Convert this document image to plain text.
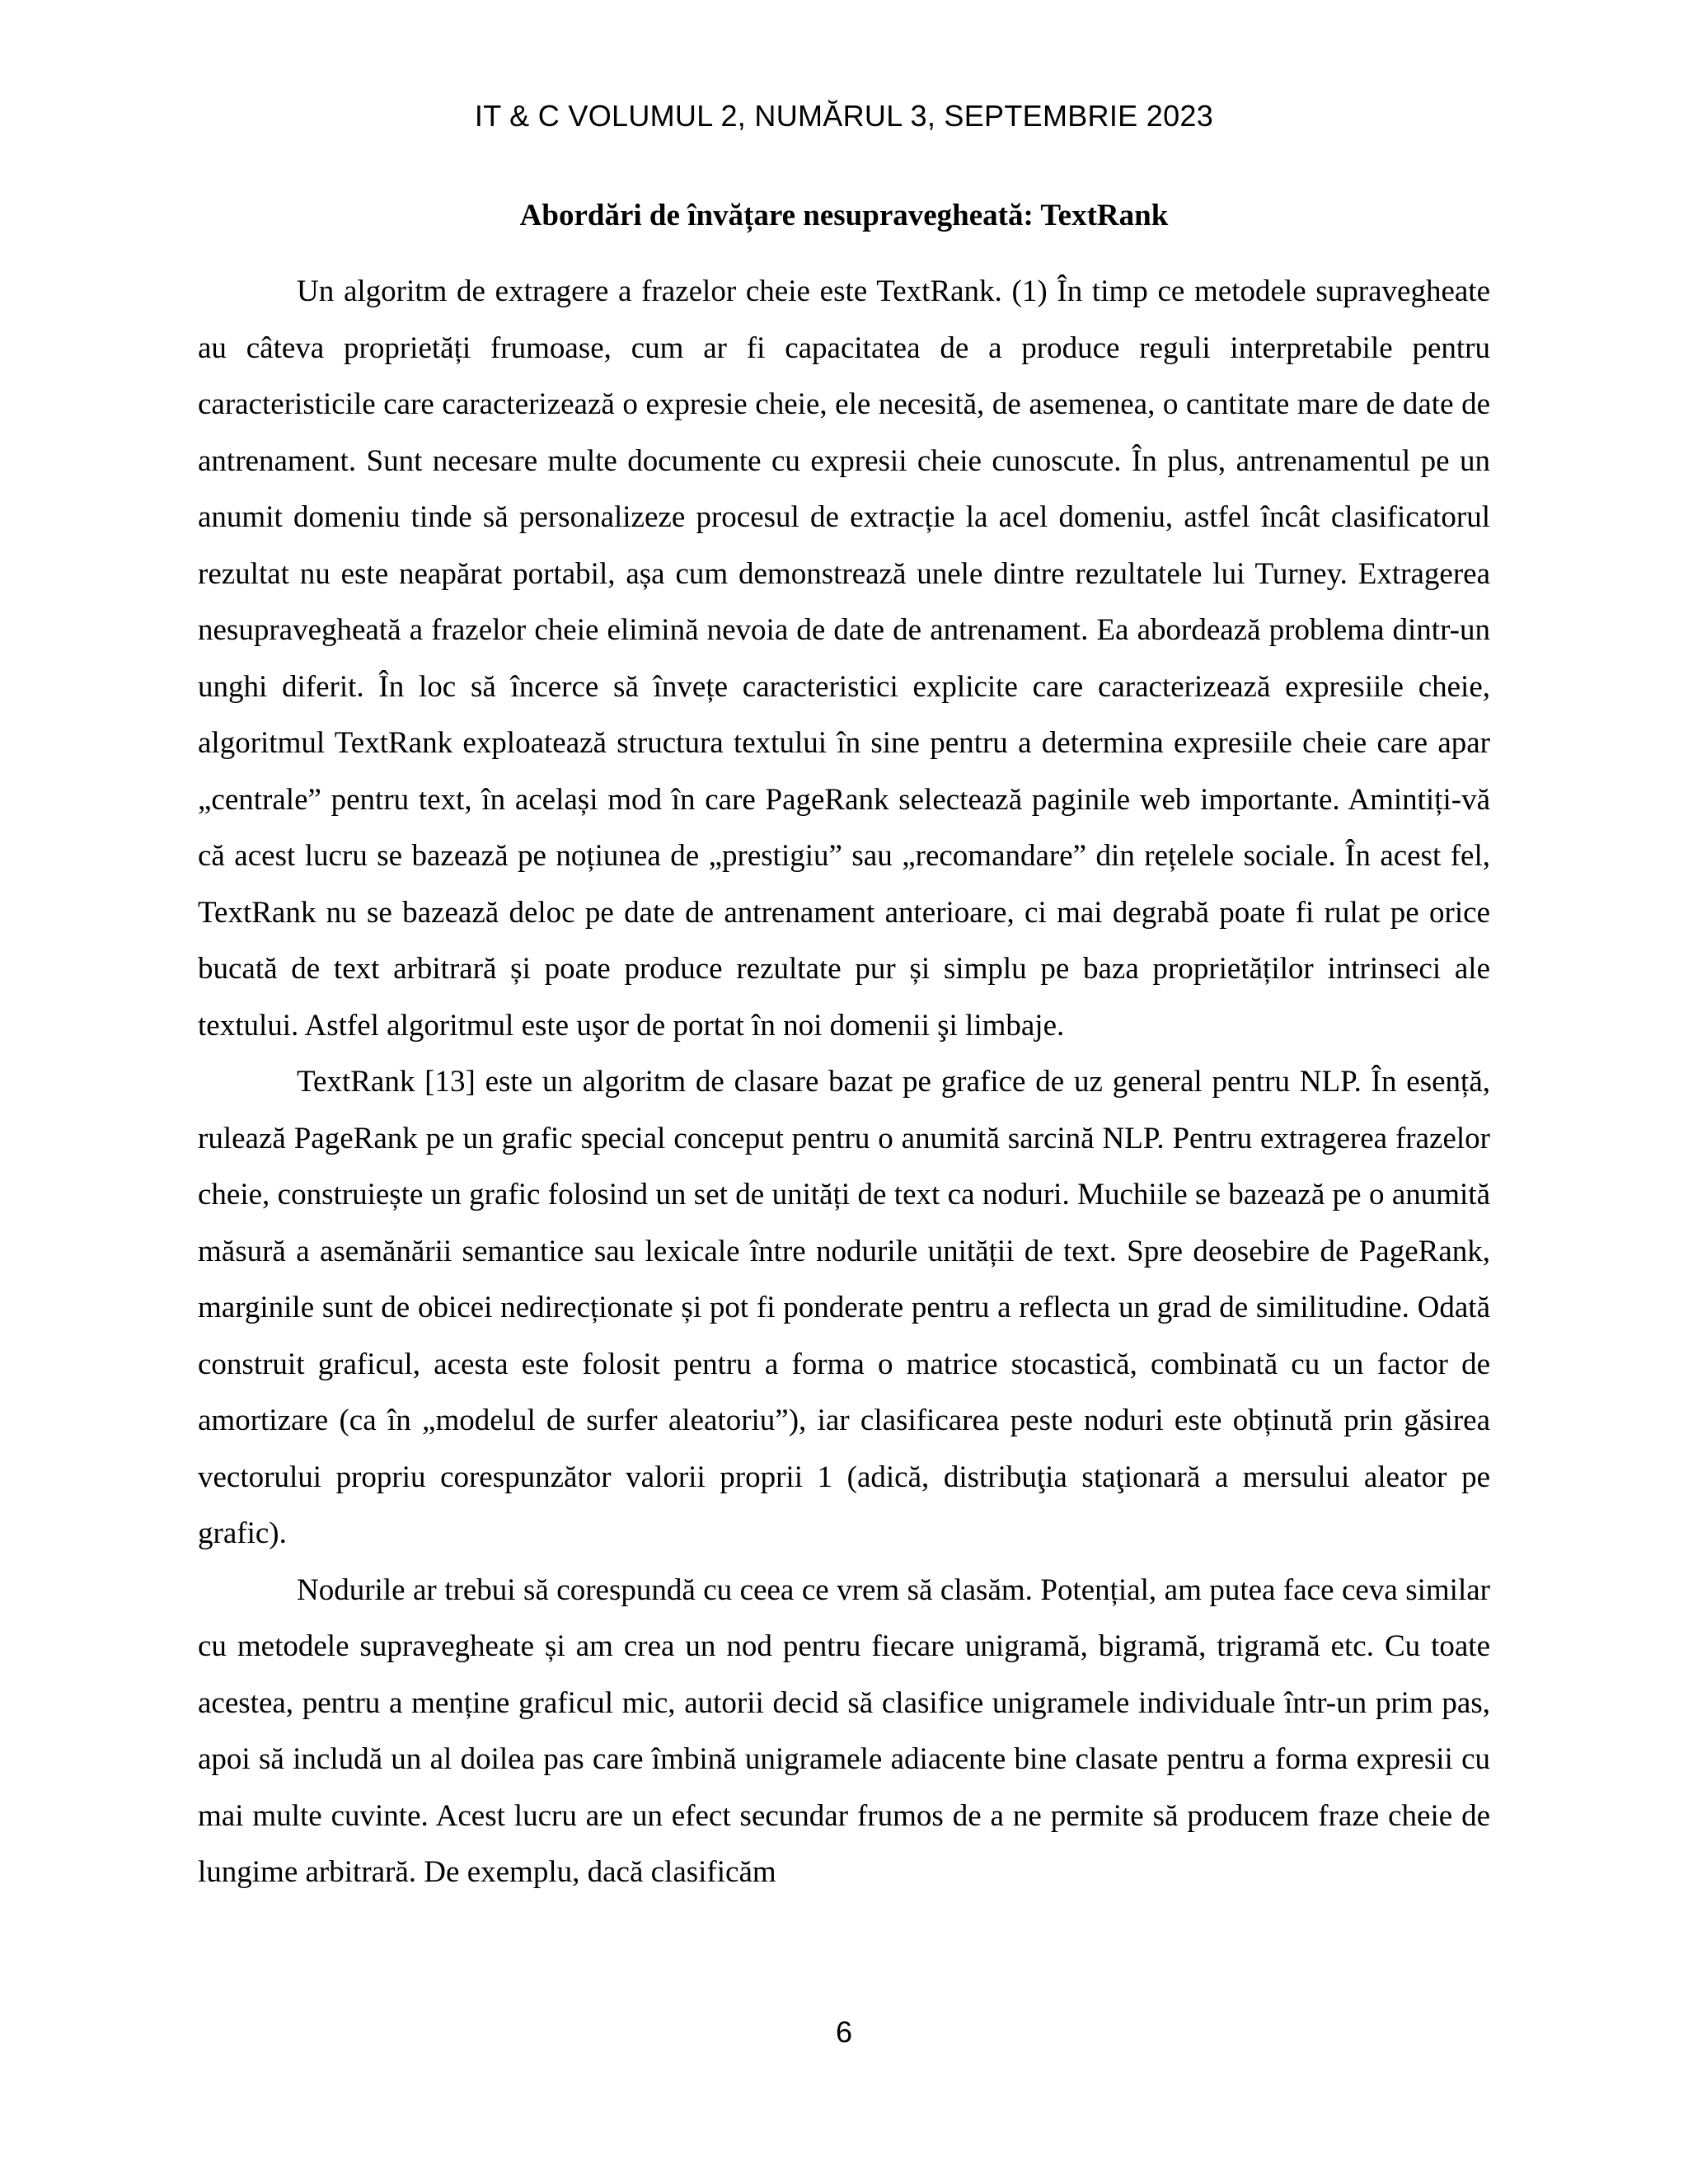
IT & C VOLUMUL 2, NUMĂRUL 3, SEPTEMBRIE 2023
Abordări de învățare nesupravegheată: TextRank

Un algoritm de extragere a frazelor cheie este TextRank. (1) În timp ce metodele supravegheate au câteva proprietăți frumoase, cum ar fi capacitatea de a produce reguli interpretabile pentru caracteristicile care caracterizează o expresie cheie, ele necesită, de asemenea, o cantitate mare de date de antrenament. Sunt necesare multe documente cu expresii cheie cunoscute. În plus, antrenamentul pe un anumit domeniu tinde să personalizeze procesul de extracție la acel domeniu, astfel încât clasificatorul rezultat nu este neapărat portabil, așa cum demonstrează unele dintre rezultatele lui Turney. Extragerea nesupravegheată a frazelor cheie elimină nevoia de date de antrenament. Ea abordează problema dintr-un unghi diferit. În loc să încerce să învețe caracteristici explicite care caracterizează expresiile cheie, algoritmul TextRank exploatează structura textului în sine pentru a determina expresiile cheie care apar „centrale” pentru text, în același mod în care PageRank selectează paginile web importante. Amintiți-vă că acest lucru se bazează pe noțiunea de „prestigiu” sau „recomandare” din rețelele sociale. În acest fel, TextRank nu se bazează deloc pe date de antrenament anterioare, ci mai degrabă poate fi rulat pe orice bucată de text arbitrară și poate produce rezultate pur și simplu pe baza proprietăților intrinseci ale textului. Astfel algoritmul este uşor de portat în noi domenii şi limbaje.

TextRank [13] este un algoritm de clasare bazat pe grafice de uz general pentru NLP. În esență, rulează PageRank pe un grafic special conceput pentru o anumită sarcină NLP. Pentru extragerea frazelor cheie, construiește un grafic folosind un set de unități de text ca noduri. Muchiile se bazează pe o anumită măsură a asemănării semantice sau lexicale între nodurile unității de text. Spre deosebire de PageRank, marginile sunt de obicei nedirecționate și pot fi ponderate pentru a reflecta un grad de similitudine. Odată construit graficul, acesta este folosit pentru a forma o matrice stocastică, combinată cu un factor de amortizare (ca în „modelul de surfer aleatoriu”), iar clasificarea peste noduri este obținută prin găsirea vectorului propriu corespunzător valorii proprii 1 (adică, distribuţia staţionară a mersului aleator pe grafic).

Nodurile ar trebui să corespundă cu ceea ce vrem să clasăm. Potențial, am putea face ceva similar cu metodele supravegheate și am crea un nod pentru fiecare unigramă, bigramă, trigramă etc. Cu toate acestea, pentru a menține graficul mic, autorii decid să clasifice unigramele individuale într-un prim pas, apoi să includă un al doilea pas care îmbină unigramele adiacente bine clasate pentru a forma expresii cu mai multe cuvinte. Acest lucru are un efect secundar frumos de a ne permite să producem fraze cheie de lungime arbitrară. De exemplu, dacă clasificăm

6
